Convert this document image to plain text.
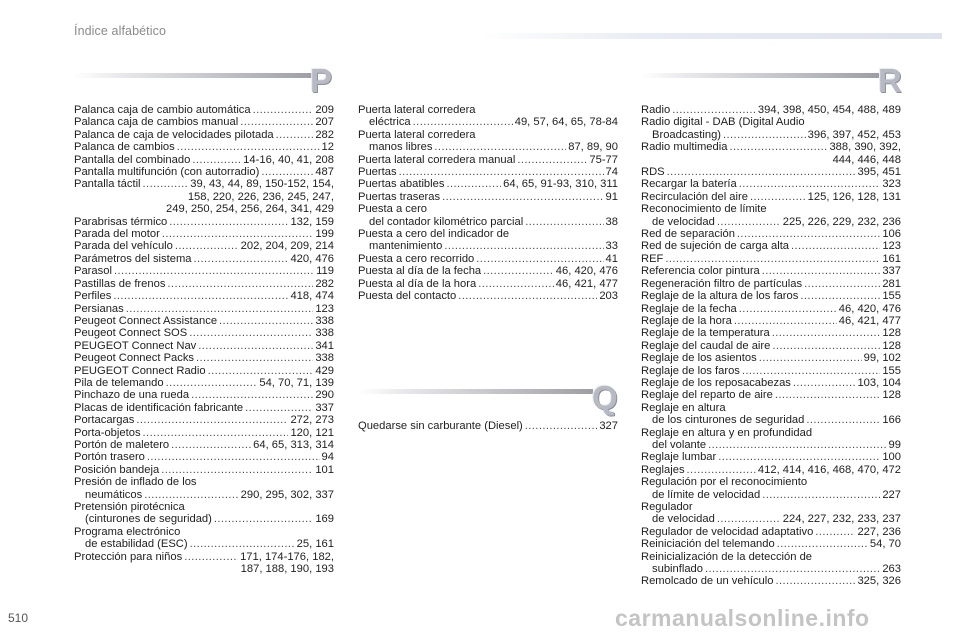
Índice alfabético
P
Q
R
Palanca caja de cambio automática .....	209
Palanca caja de cambios manual .....	207
Palanca de caja de velocidades pilotada .....	282
Palanca de cambios .....	12
Pantalla del combinado .....	14-16, 40, 41, 208
Pantalla multifunción (con autorradio) .....	487
Pantalla táctil .....	39, 43, 44, 89, 150-152, 154,
158, 220, 226, 236, 245, 247,
249, 250, 254, 256, 264, 341, 429
Parabrisas térmico .....	132, 159
Parada del motor .....	199
Parada del vehículo .....	202, 204, 209, 214
Parámetros del sistema .....	420, 476
Parasol .....	119
Pastillas de frenos .....	282
Perfiles .....	418, 474
Persianas .....	123
Peugeot Connect Assistance .....	338
Peugeot Connect SOS .....	338
PEUGEOT Connect Nav .....	341
Peugeot Connect Packs .....	338
PEUGEOT Connect Radio .....	429
Pila de telemando .....	54, 70, 71, 139
Pinchazo de una rueda .....	290
Placas de identificación fabricante .....	337
Portacargas .....	272, 273
Porta-objetos .....	120, 121
Portón de maletero .....	64, 65, 313, 314
Portón trasero .....	94
Posición bandeja .....	101
Presión de inflado de los
neumáticos .....	290, 295, 302, 337
Pretensión pirotécnica
(cinturones de seguridad) .....	169
Programa electrónico
de estabilidad (ESC) .....	25, 161
Protección para niños .....	171, 174-176, 182,
187, 188, 190, 193
Puerta lateral corredera
eléctrica .....	49, 57, 64, 65, 78-84
Puerta lateral corredera
manos libres .....	87, 89, 90
Puerta lateral corredera manual .....	75-77
Puertas .....	74
Puertas abatibles .....	64, 65, 91-93, 310, 311
Puertas traseras .....	91
Puesta a cero
del contador kilométrico parcial .....	38
Puesta a cero del indicador de
mantenimiento .....	33
Puesta a cero recorrido .....	41
Puesta al día de la fecha .....	46, 420, 476
Puesta al día de la hora .....	46, 421, 477
Puesta del contacto .....	203
Quedarse sin carburante (Diesel) .....	327
Radio .....	394, 398, 450, 454, 488, 489
Radio digital - DAB (Digital Audio
Broadcasting) .....	396, 397, 452, 453
Radio multimedia .....	388, 390, 392,
444, 446, 448
RDS .....	395, 451
Recargar la batería .....	323
Recirculación del aire .....	125, 126, 128, 131
Reconocimiento de límite
de velocidad .....	225, 226, 229, 232, 236
Red de separación .....	106
Red de sujeción de carga alta .....	123
REF .....	161
Referencia color pintura .....	337
Regeneración filtro de partículas .....	281
Reglaje de la altura de los faros .....	155
Reglaje de la fecha .....	46, 420, 476
Reglaje de la hora .....	46, 421, 477
Reglaje de la temperatura .....	128
Reglaje del caudal de aire .....	128
Reglaje de los asientos .....	99, 102
Reglaje de los faros .....	155
Reglaje de los reposacabezas .....	103, 104
Reglaje del reparto de aire .....	128
Reglaje en altura
de los cinturones de seguridad .....	166
Reglaje en altura y en profundidad
del volante .....	99
Reglaje lumbar .....	100
Reglajes .....	412, 414, 416, 468, 470, 472
Regulación por el reconocimiento
de límite de velocidad .....	227
Regulador
de velocidad .....	224, 227, 232, 233, 237
Regulador de velocidad adaptativo .....	227, 236
Reiniciación del telemando .....	54, 70
Reinicialización de la detección de
subinflado .....	263
Remolcado de un vehículo .....	325, 326
510	carmanualsonline.info
